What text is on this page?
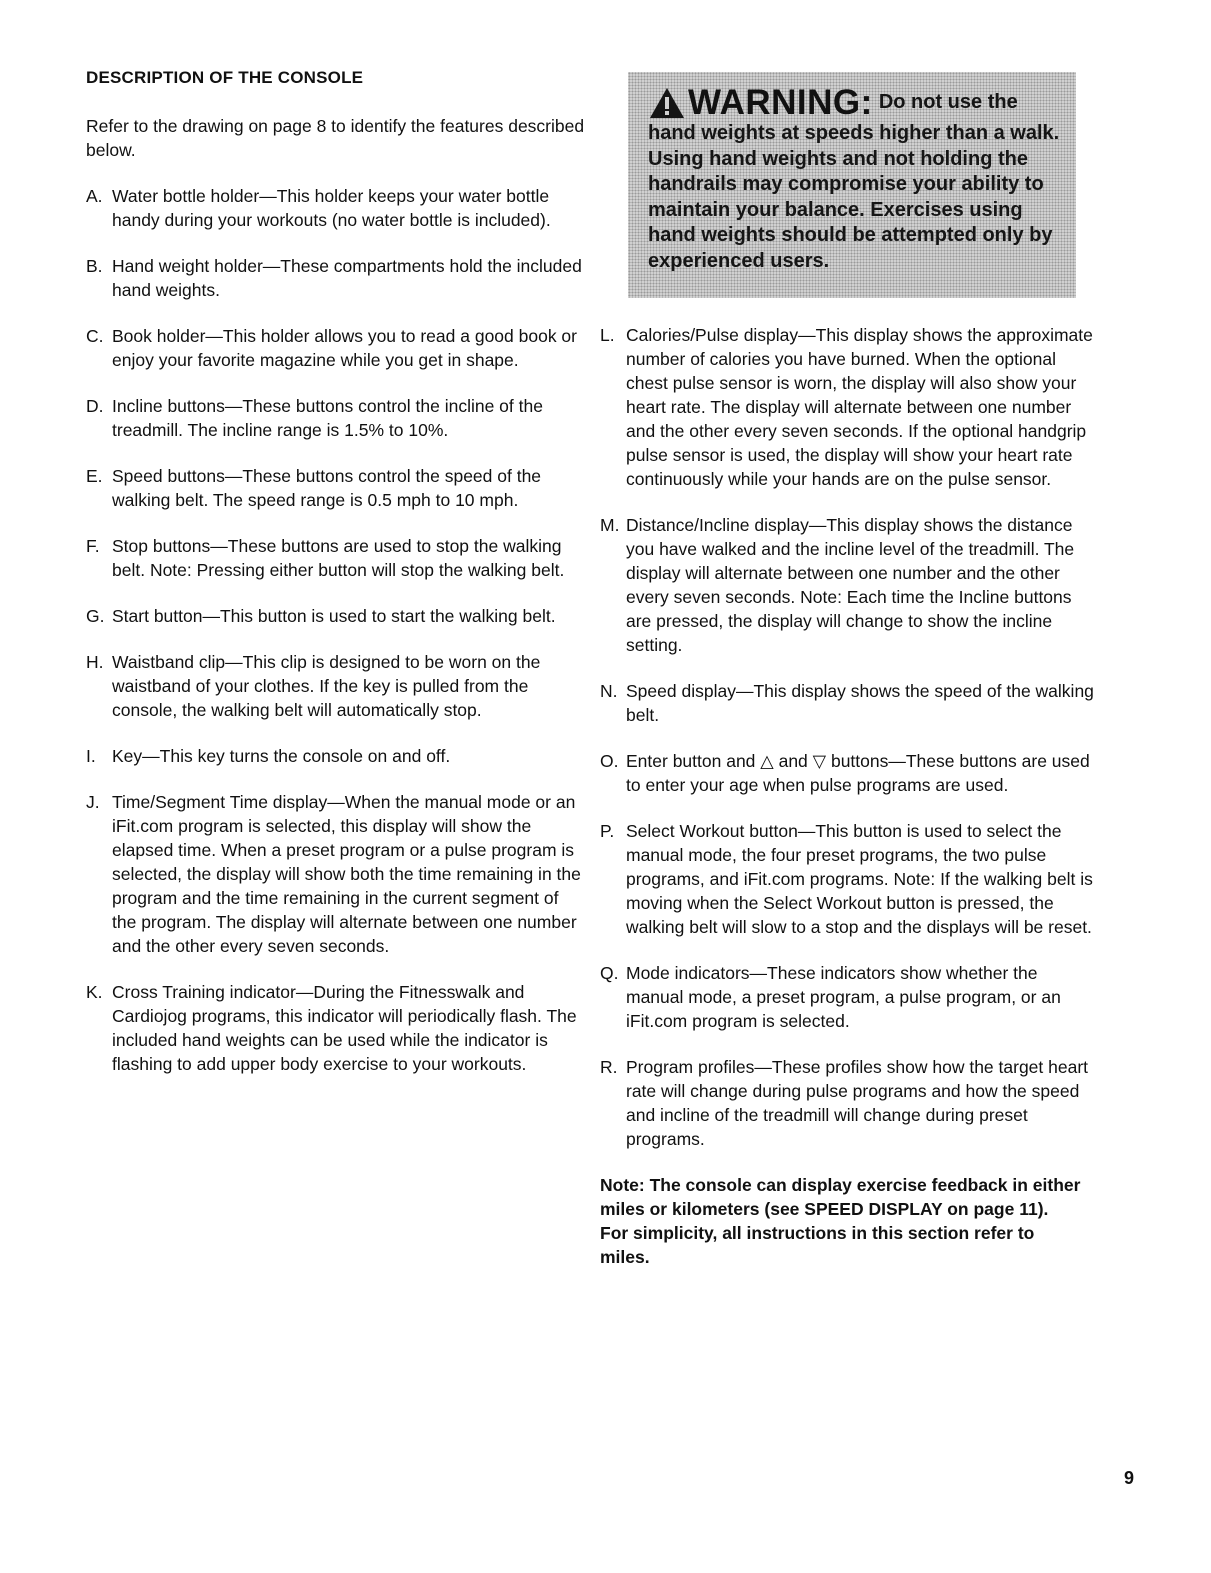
DESCRIPTION OF THE CONSOLE
Refer to the drawing on page 8 to identify the features described below.
A. Water bottle holder—This holder keeps your water bottle handy during your workouts (no water bottle is included).
B. Hand weight holder—These compartments hold the included hand weights.
C. Book holder—This holder allows you to read a good book or enjoy your favorite magazine while you get in shape.
D. Incline buttons—These buttons control the incline of the treadmill. The incline range is 1.5% to 10%.
E. Speed buttons—These buttons control the speed of the walking belt. The speed range is 0.5 mph to 10 mph.
F. Stop buttons—These buttons are used to stop the walking belt. Note: Pressing either button will stop the walking belt.
G. Start button—This button is used to start the walking belt.
H. Waistband clip—This clip is designed to be worn on the waistband of your clothes. If the key is pulled from the console, the walking belt will automatically stop.
I. Key—This key turns the console on and off.
J. Time/Segment Time display—When the manual mode or an iFit.com program is selected, this display will show the elapsed time. When a preset program or a pulse program is selected, the display will show both the time remaining in the program and the time remaining in the current segment of the program. The display will alternate between one number and the other every seven seconds.
K. Cross Training indicator—During the Fitnesswalk and Cardiojog programs, this indicator will periodically flash. The included hand weights can be used while the indicator is flashing to add upper body exercise to your workouts.
WARNING: Do not use the
hand weights at speeds higher than a walk. Using hand weights and not holding the handrails may compromise your ability to maintain your balance. Exercises using hand weights should be attempted only by experienced users.
L. Calories/Pulse display—This display shows the approximate number of calories you have burned. When the optional chest pulse sensor is worn, the display will also show your heart rate. The display will alternate between one number and the other every seven seconds. If the optional handgrip pulse sensor is used, the display will show your heart rate continuously while your hands are on the pulse sensor.
M. Distance/Incline display—This display shows the distance you have walked and the incline level of the treadmill. The display will alternate between one number and the other every seven seconds. Note: Each time the Incline buttons are pressed, the display will change to show the incline setting.
N. Speed display—This display shows the speed of the walking belt.
O. Enter button and △ and ▽ buttons—These buttons are used to enter your age when pulse programs are used.
P. Select Workout button—This button is used to select the manual mode, the four preset programs, the two pulse programs, and iFit.com programs. Note: If the walking belt is moving when the Select Workout button is pressed, the walking belt will slow to a stop and the displays will be reset.
Q. Mode indicators—These indicators show whether the manual mode, a preset program, a pulse program, or an iFit.com program is selected.
R. Program profiles—These profiles show how the target heart rate will change during pulse programs and how the speed and incline of the treadmill will change during preset programs.
Note: The console can display exercise feedback in either miles or kilometers (see SPEED DISPLAY on page 11). For simplicity, all instructions in this section refer to miles.
9
